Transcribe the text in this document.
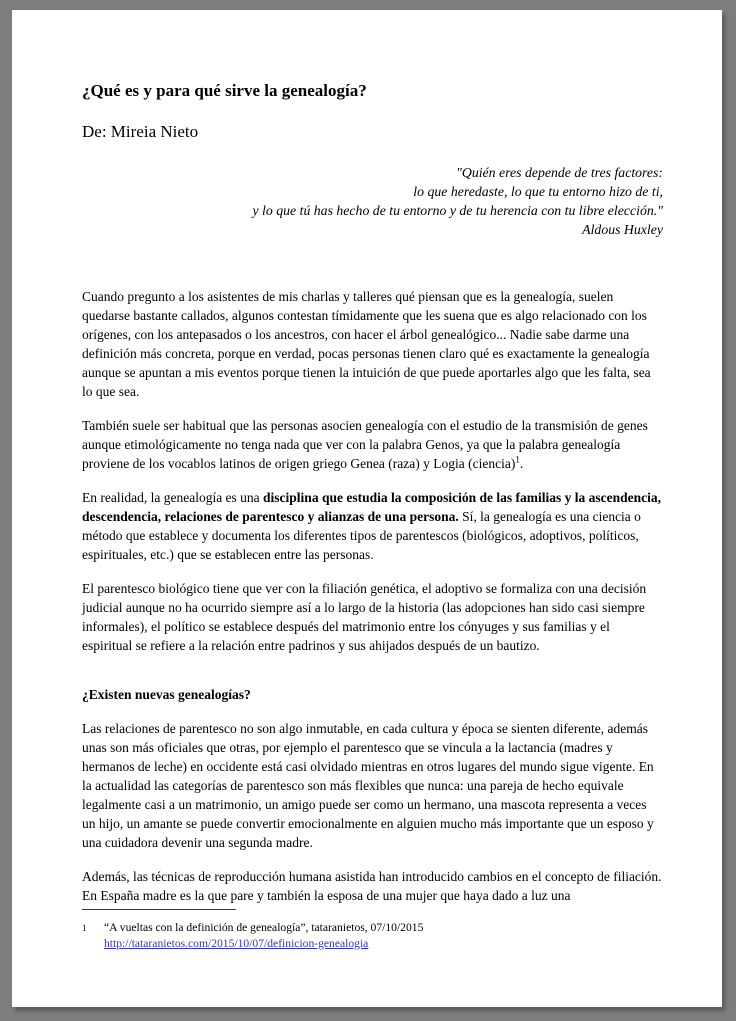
¿Qué es y para qué sirve la genealogía?

De: Mireia Nieto

"Quién eres depende de tres factores:
lo que heredaste, lo que tu entorno hizo de ti,
y lo que tú has hecho de tu entorno y de tu herencia con tu libre elección."
Aldous Huxley

Cuando pregunto a los asistentes de mis charlas y talleres qué piensan que es la genealogía, suelen quedarse bastante callados, algunos contestan tímidamente que les suena que es algo relacionado con los orígenes, con los antepasados o los ancestros, con hacer el árbol genealógico... Nadie sabe darme una definición más concreta, porque en verdad, pocas personas tienen claro qué es exactamente la genealogía aunque se apuntan a mis eventos porque tienen la intuición de que puede aportarles algo que les falta, sea lo que sea.

También suele ser habitual que las personas asocien genealogía con el estudio de la transmisión de genes aunque etimológicamente no tenga nada que ver con la palabra Genos, ya que la palabra genealogía proviene de los vocablos latinos de origen griego Genea (raza) y Logia (ciencia)$^1$.

En realidad, la genealogía es una disciplina que estudia la composición de las familias y la ascendencia, descendencia, relaciones de parentesco y alianzas de una persona. Sí, la genealogía es una ciencia o método que establece y documenta los diferentes tipos de parentescos (biológicos, adoptivos, políticos, espirituales, etc.) que se establecen entre las personas.

El parentesco biológico tiene que ver con la filiación genética, el adoptivo se formaliza con una decisión judicial aunque no ha ocurrido siempre así a lo largo de la historia (las adopciones han sido casi siempre informales), el político se establece después del matrimonio entre los cónyuges y sus familias y el espiritual se refiere a la relación entre padrinos y sus ahijados después de un bautizo.

¿Existen nuevas genealogías?

Las relaciones de parentesco no son algo inmutable, en cada cultura y época se sienten diferente, además unas son más oficiales que otras, por ejemplo el parentesco que se vincula a la lactancia (madres y hermanos de leche) en occidente está casi olvidado mientras en otros lugares del mundo sigue vigente. En la actualidad las categorías de parentesco son más flexibles que nunca: una pareja de hecho equivale legalmente casi a un matrimonio, un amigo puede ser como un hermano, una mascota representa a veces un hijo, un amante se puede convertir emocionalmente en alguien mucho más importante que un esposo y una cuidadora devenir una segunda madre.

Además, las técnicas de reproducción humana asistida han introducido cambios en el concepto de filiación. En España madre es la que pare y también la esposa de una mujer que haya dado a luz una

1	“A vueltas con la definición de genealogía”, tataranietos, 07/10/2015
http://tataranietos.com/2015/10/07/definicion-genealogia
